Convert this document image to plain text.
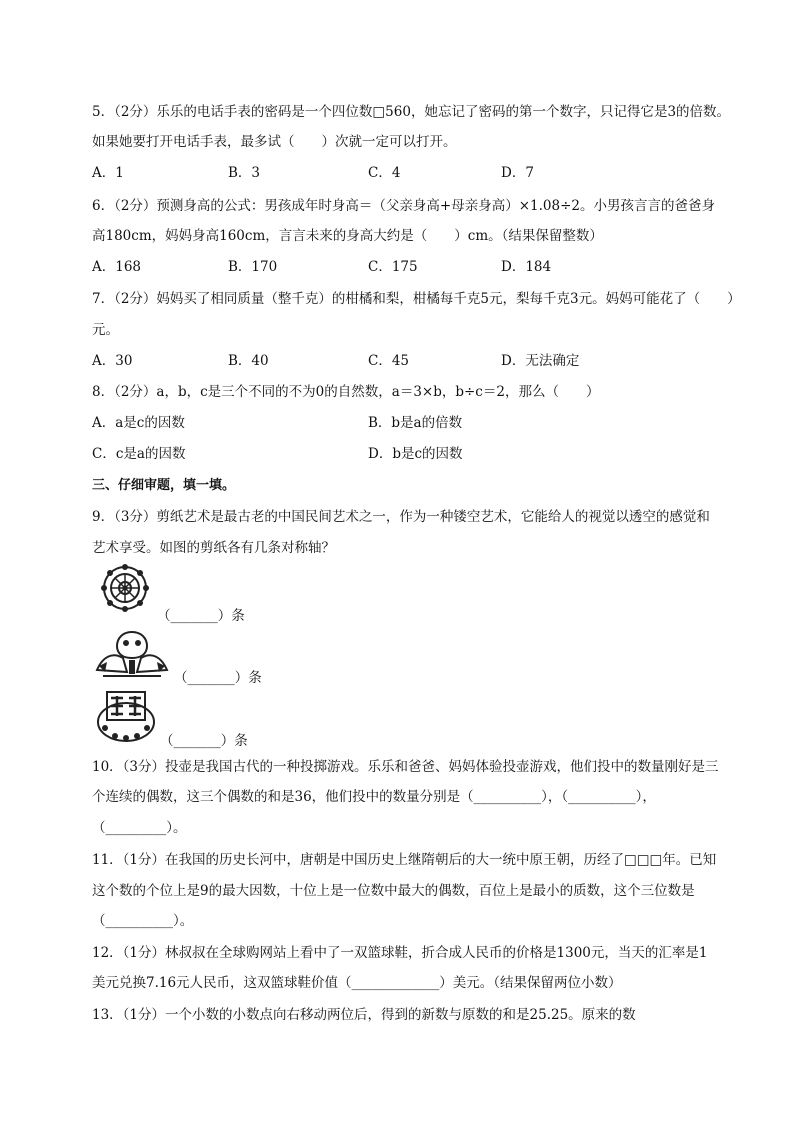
5．（2分）乐乐的电话手表的密码是一个四位数□560，她忘记了密码的第一个数字，只记得它是3的倍数。
如果她要打开电话手表，最多试（　　）次就一定可以打开。
A．1	B．3	C．4	D．7
6．（2分）预测身高的公式：男孩成年时身高＝（父亲身高+母亲身高）×1.08÷2。小男孩言言的爸爸身
高180cm，妈妈身高160cm，言言未来的身高大约是（　　）cm。（结果保留整数）
A．168	B．170	C．175	D．184
7．（2分）妈妈买了相同质量（整千克）的柑橘和梨，柑橘每千克5元，梨每千克3元。妈妈可能花了（　　）
元。
A．30	B．40	C．45	D．无法确定
8．（2分）a，b，c是三个不同的不为0的自然数，a＝3×b，b÷c＝2，那么（　　）
A．a是c的因数	B．b是a的倍数
C．c是a的因数	D．b是c的因数
三、仔细审题，填一填。
9．（3分）剪纸艺术是最古老的中国民间艺术之一，作为一种镂空艺术，它能给人的视觉以透空的感觉和
艺术享受。如图的剪纸各有几条对称轴？
（_______）条
（_______）条
（_______）条
10．（3分）投壶是我国古代的一种投掷游戏。乐乐和爸爸、妈妈体验投壶游戏，他们投中的数量刚好是三
个连续的偶数，这三个偶数的和是36，他们投中的数量分别是（__________），（__________），
（_________）。
11．（1分）在我国的历史长河中，唐朝是中国历史上继隋朝后的大一统中原王朝，历经了□□□年。已知
这个数的个位上是9的最大因数，十位上是一位数中最大的偶数，百位上是最小的质数，这个三位数是
（__________）。
12．（1分）林叔叔在全球购网站上看中了一双篮球鞋，折合成人民币的价格是1300元，当天的汇率是1
美元兑换7.16元人民币，这双篮球鞋价值（_____________）美元。（结果保留两位小数）
13．（1分）一个小数的小数点向右移动两位后，得到的新数与原数的和是25.25。原来的数
